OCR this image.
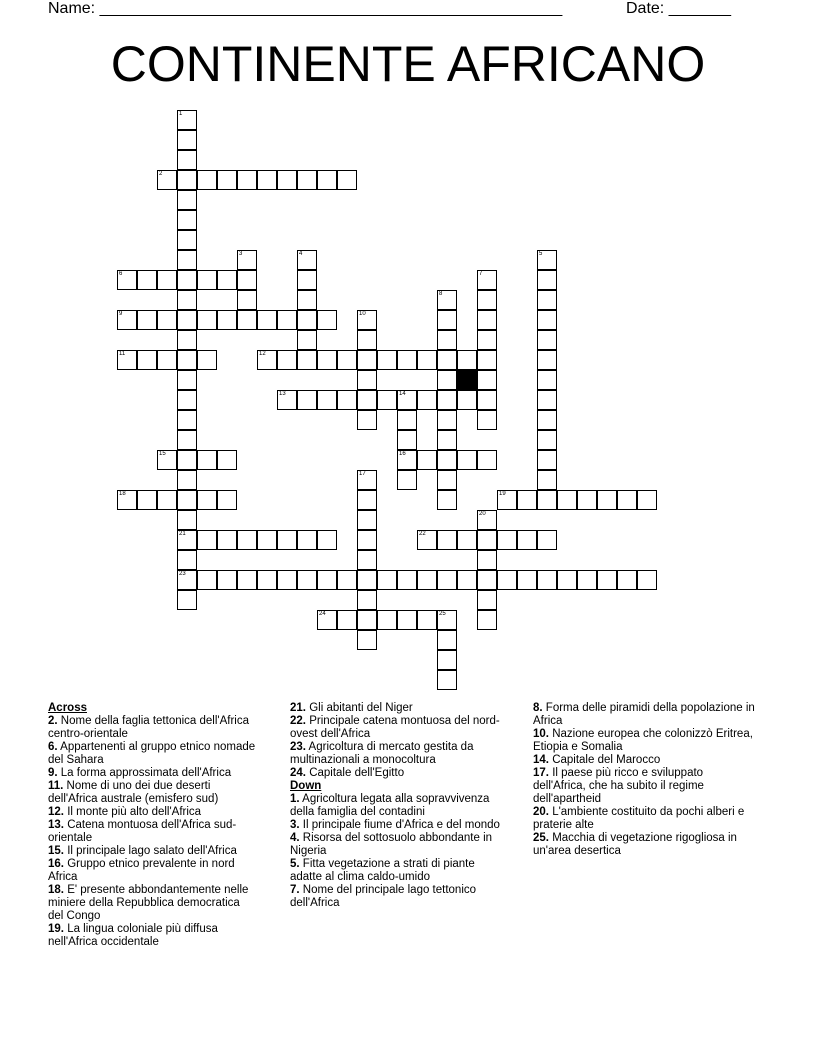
Name: ____________________________________________________	Date: _______
CONTINENTE AFRICANO
1
21
23
2
3	4	5
6	7
8
9	10
11	12
13	14
16
15
17
18	19
20
22
24	25
Across
2. Nome della faglia tettonica dell'Africa centro-orientale
6. Appartenenti al gruppo etnico nomade del Sahara
9. La forma approssimata dell'Africa
11. Nome di uno dei due deserti dell'Africa australe (emisfero sud)
12. Il monte più alto dell'Africa
13. Catena montuosa dell'Africa sud-orientale
15. Il principale lago salato dell'Africa
16. Gruppo etnico prevalente in nord Africa
18. E' presente abbondantemente nelle miniere della Repubblica democratica del Congo
19. La lingua coloniale più diffusa nell'Africa occidentale
21. Gli abitanti del Niger
22. Principale catena montuosa del nord-ovest dell'Africa
23. Agricoltura di mercato gestita da multinazionali a monocoltura
24. Capitale dell'Egitto
Down
1. Agricoltura legata alla sopravvivenza della famiglia del contadini
3. Il principale fiume d'Africa e del mondo
4. Risorsa del sottosuolo abbondante in Nigeria
5. Fitta vegetazione a strati di piante adatte al clima caldo-umido
7. Nome del principale lago tettonico dell'Africa
8. Forma delle piramidi della popolazione in Africa
10. Nazione europea che colonizzò Eritrea, Etiopia e Somalia
14. Capitale del Marocco
17. Il paese più ricco e sviluppato dell'Africa, che ha subito il regime dell'apartheid
20. L'ambiente costituito da pochi alberi e praterie alte
25. Macchia di vegetazione rigogliosa in un'area desertica
